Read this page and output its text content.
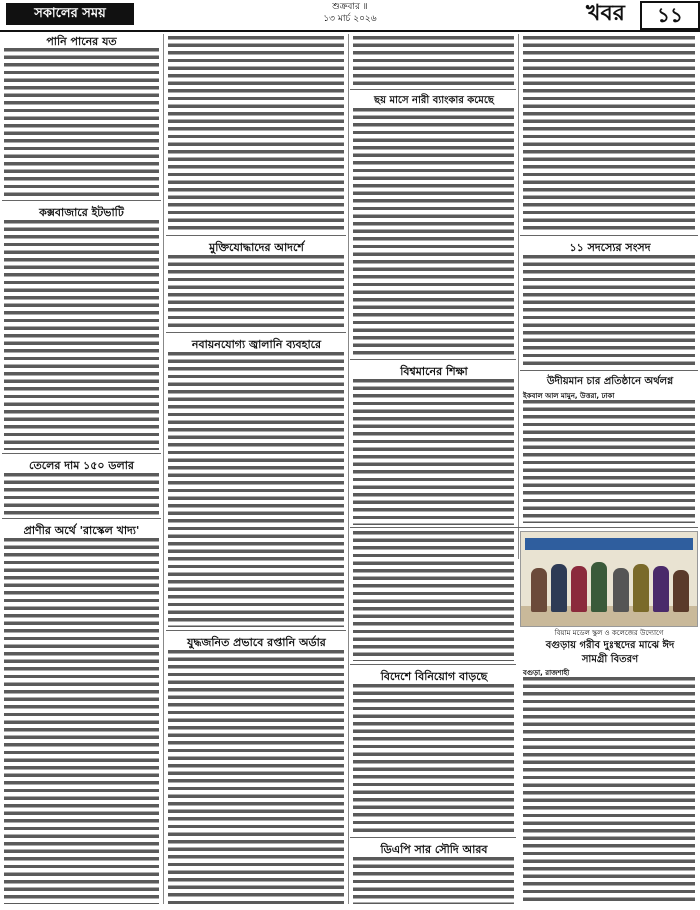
সকালের সময়	শুক্রবার ॥
১৩ মার্চ ২০২৬	খবর	১১
পানি পানের যত
কক্সবাজারে ইটভাটি
তেলের দাম ১৫০ ডলার
প্রাণীর অর্থে 'রাস্কেল খাদ্য'
মুক্তিযোদ্ধাদের আদর্শে
নবায়নযোগ্য জ্বালানি ব্যবহারে
যুদ্ধজনিত প্রভাবে রপ্তানি অর্ডার
ছয় মাসে নারী ব্যাংকার কমেছে
বিশ্বমানের শিক্ষা
বিদেশে বিনিয়োগ বাড়ছে
ডিএপি সার সৌদি আরব
১১ সদস্যের সংসদ
উদীয়মান চার প্রতিষ্ঠানে অর্থলগ্ন
ইকবাল আল মামুন, উত্তরা, ঢাকা
বিয়াম মডেল স্কুল ও কলেজের উদ্যোগে
বগুড়ায় গরীব দুঃস্থদের মাঝে ঈদ
সামগ্রী বিতরণ
বগুড়া, রাজশাহী
